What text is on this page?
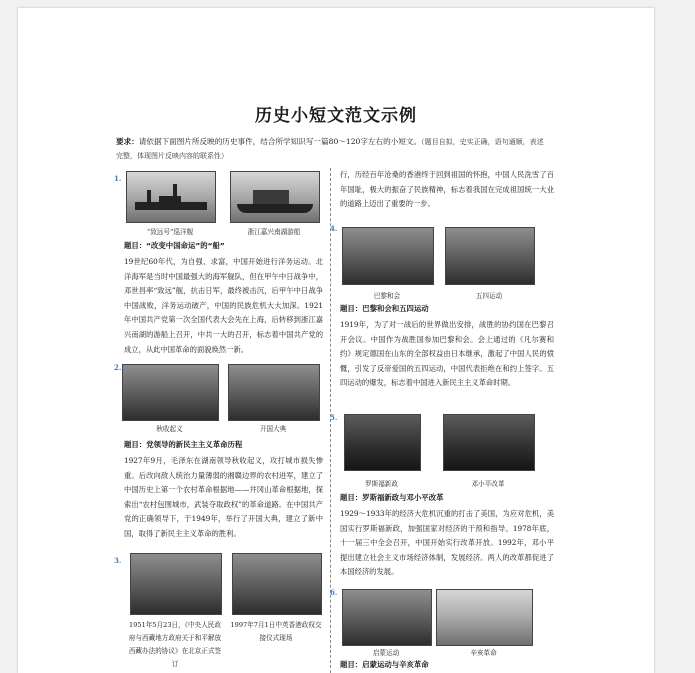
历史小短文范文示例
要求：请依据下面图片所反映的历史事件，结合所学知识写一篇80～120字左右的小短文。（题目自拟，史实正确，语句通顺，表述完整，体现图片反映内容的联系性）
1.
“致远号”巡洋舰	浙江嘉兴南湖游船
题目：“改变中国命运”的“船”
19世纪60年代，为自强、求富，中国开始进行洋务运动。北洋海军是当时中国最强大的海军舰队，但在甲午中日战争中，邓世昌率“致远”舰，抗击日军，最终被击沉，后甲午中日战争中国战败，洋务运动破产，中国的民族危机大大加深。1921年中国共产党第一次全国代表大会先在上海，后转移到浙江嘉兴南湖的游船上召开，中共一大的召开，标志着中国共产党的成立，从此中国革命的面貌焕然一新。
2.
秋收起义	开国大典
题目：党领导的新民主主义革命历程
1927年9月，毛泽东在湖南领导秋收起义，攻打城市损失惨重。后改向敌人统治力量薄弱的湘赣边界的农村进军，建立了中国历史上第一个农村革命根据地——井冈山革命根据地，探索出“农村包围城市，武装夺取政权”的革命道路。在中国共产党的正确领导下，于1949年，举行了开国大典，建立了新中国，取得了新民主主义革命的胜利。
3.
1951年5月23日，《中央人民政府与西藏地方政府关于和平解放西藏办法的协议》在北京正式签订
1997年7月1日中英香港政权交接仪式现场
行，历经百年沧桑的香港终于回到祖国的怀抱，中国人民洗雪了百年国耻，极大的振奋了民族精神，标志着我国在完成祖国统一大业的道路上迈出了重要的一步。
4.
巴黎和会	五四运动
题目：巴黎和会和五四运动
1919年，为了对一战后的世界做出安排，战胜的协约国在巴黎召开会议。中国作为战胜国参加巴黎和会。会上通过的《凡尔赛和约》规定德国在山东的全部权益由日本继承，激起了中国人民的愤慨，引发了反帝爱国的五四运动，中国代表拒绝在和约上签字。五四运动的爆发，标志着中国进入新民主主义革命时期。
5.
罗斯福新政	邓小平改革
题目：罗斯福新政与邓小平改革
1929～1933年的经济大危机沉重的打击了美国，为应对危机，美国实行罗斯福新政，加强国家对经济的干预和指导。1978年底，十一届三中全会召开，中国开始实行改革开放。1992年，邓小平提出建立社会主义市场经济体制，发展经济。两人的改革都促进了本国经济的发展。
6.
启蒙运动	辛亥革命
题目：启蒙运动与辛亥革命
